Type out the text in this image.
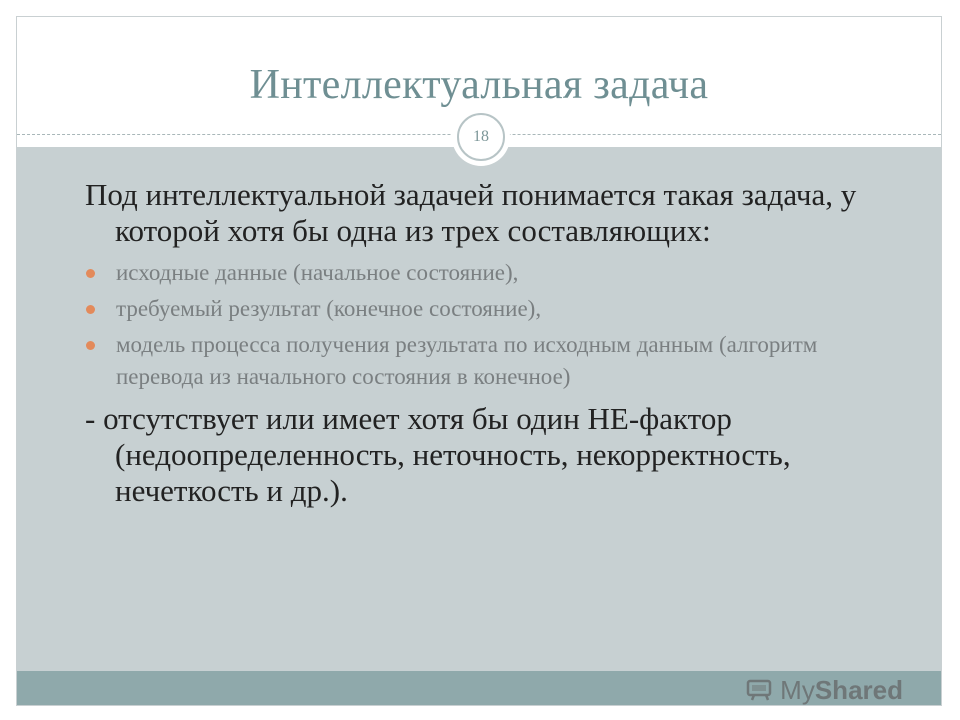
Интеллектуальная задача
18

Под интеллектуальной задачей понимается такая задача, у которой хотя бы одна из трех составляющих:

исходные данные (начальное состояние),
требуемый результат (конечное состояние),
модель процесса получения результата по исходным данным (алгоритм перевода из начального состояния в конечное)

- отсутствует или имеет хотя бы один НЕ-фактор (недоопределенность, неточность, некорректность, нечеткость и др.).

My Shared
